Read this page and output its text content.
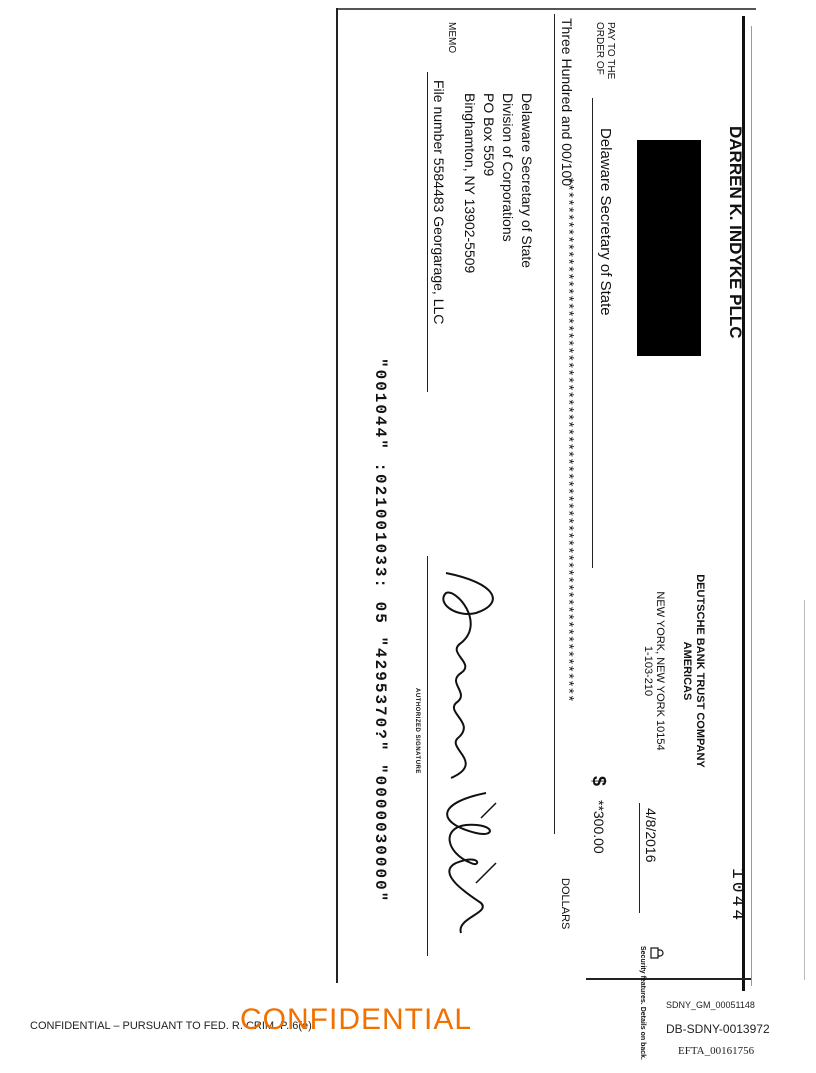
DARREN K. INDYKE PLLC
PAY TO THE ORDER OF
Delaware Secretary of State
DEUTSCHE BANK TRUST COMPANY AMERICAS
NEW YORK, NEW YORK 10154
1-103-210
1044
4/8/2016
$
**300.00
Three Hundred and 00/100
***********************************************************************
DOLLARS
Delaware Secretary of State
Division of Corporations
PO Box 5509
Binghamton, NY 13902-5509
MEMO
File number 5584483 Georgarage, LLC
AUTHORIZED SIGNATURE
"001044" :021001033: 05 "4295370?" "0000030000"
Security features. Details on back.
CONFIDENTIAL – PURSUANT TO FED. R. CRIM. P. 6(e)
CONFIDENTIAL	SDNY_GM_00051148
DB-SDNY-0013972
EFTA_00161756
